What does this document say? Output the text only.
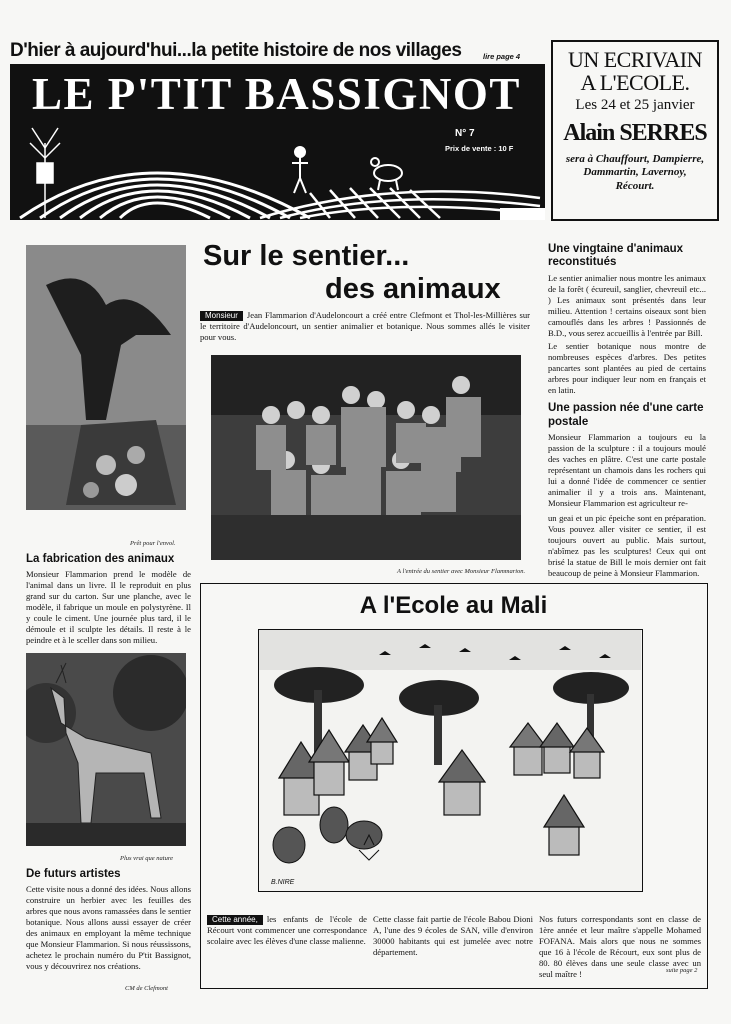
D'hier à aujourd'hui...la petite histoire de nos villages	lire page 4
LE P'TIT BASSIGNOT
N° 7
Prix de vente : 10 F
UN ECRIVAIN
A L'ECOLE.
Les 24 et 25 janvier
Alain SERRES
sera à Chauffourt, Dampierre, Dammartin, Lavernoy, Récourt.
Prêt pour l'envol.
Sur le sentier...
des animaux
Monsieur Jean Flammarion d'Audeloncourt a créé entre Clefmont et Thol-les-Millières sur le territoire d'Audeloncourt, un sentier animalier et botanique. Nous sommes allés le visiter pour vous.
A l'entrée du sentier avec Monsieur Flammarion.
Une vingtaine d'animaux reconstitués
Le sentier animalier nous montre les animaux de la forêt ( écureuil, sanglier, chevreuil etc... ) Les animaux sont présentés dans leur milieu. Attention ! certains oiseaux sont bien camouflés dans les arbres ! Passionnés de B.D., vous serez accueillis à l'entrée par Bill.
Le sentier botanique nous montre de nombreuses espèces d'arbres. Des petites pancartes sont plantées au pied de certains arbres pour indiquer leur nom en français et en latin.
Une passion née d'une carte postale
Monsieur Flammarion a toujours eu la passion de la sculpture : il a toujours moulé des vaches en plâtre. C'est une carte postale représentant un chamois dans les rochers qui lui a donné l'idée de commencer ce sentier animalier il y a trois ans. Maintenant, Monsieur Flammarion est agriculteur re-
un geai et un pic épeiche sont en préparation. Vous pouvez aller visiter ce sentier, il est toujours ouvert au public. Mais surtout, n'abîmez pas les sculptures! Ceux qui ont brisé la statue de Bill le mois dernier ont fait beaucoup de peine à Monsieur Flammarion.
La fabrication des animaux
Monsieur Flammarion prend le modèle de l'animal dans un livre. Il le reproduit en plus grand sur du carton. Sur une planche, avec le modèle, il fabrique un moule en polystyrène. Il y coule le ciment. Une journée plus tard, il le démoule et il sculpte les détails. Il reste à le peindre et à le sceller dans son milieu.
Plus vrai que nature
De futurs artistes
Cette visite nous a donné des idées. Nous allons construire un herbier avec les feuilles des arbres que nous avons ramassées dans le sentier botanique. Nous allons aussi essayer de créer des animaux en employant la même technique que Monsieur Flammarion. Si nous réussissons, achetez le prochain numéro du P'tit Bassignot, vous y découvrirez nos créations.
CM de Clefmont
A l'Ecole au Mali
B.NIRE
Cette année, les enfants de l'école de Récourt vont commencer une correspondance scolaire avec les élèves d'une classe malienne.
Cette classe fait partie de l'école Babou Dioni A, l'une des 9 écoles de SAN, ville d'environ 30000 habitants qui est jumelée avec notre département.
Nos futurs correspondants sont en classe de 1ère année et leur maître s'appelle Mohamed FOFANA. Mais alors que nous ne sommes que 16 à l'école de Récourt, eux sont plus de 80. 80 élèves dans une seule classe avec un seul maître !	suite page 2
